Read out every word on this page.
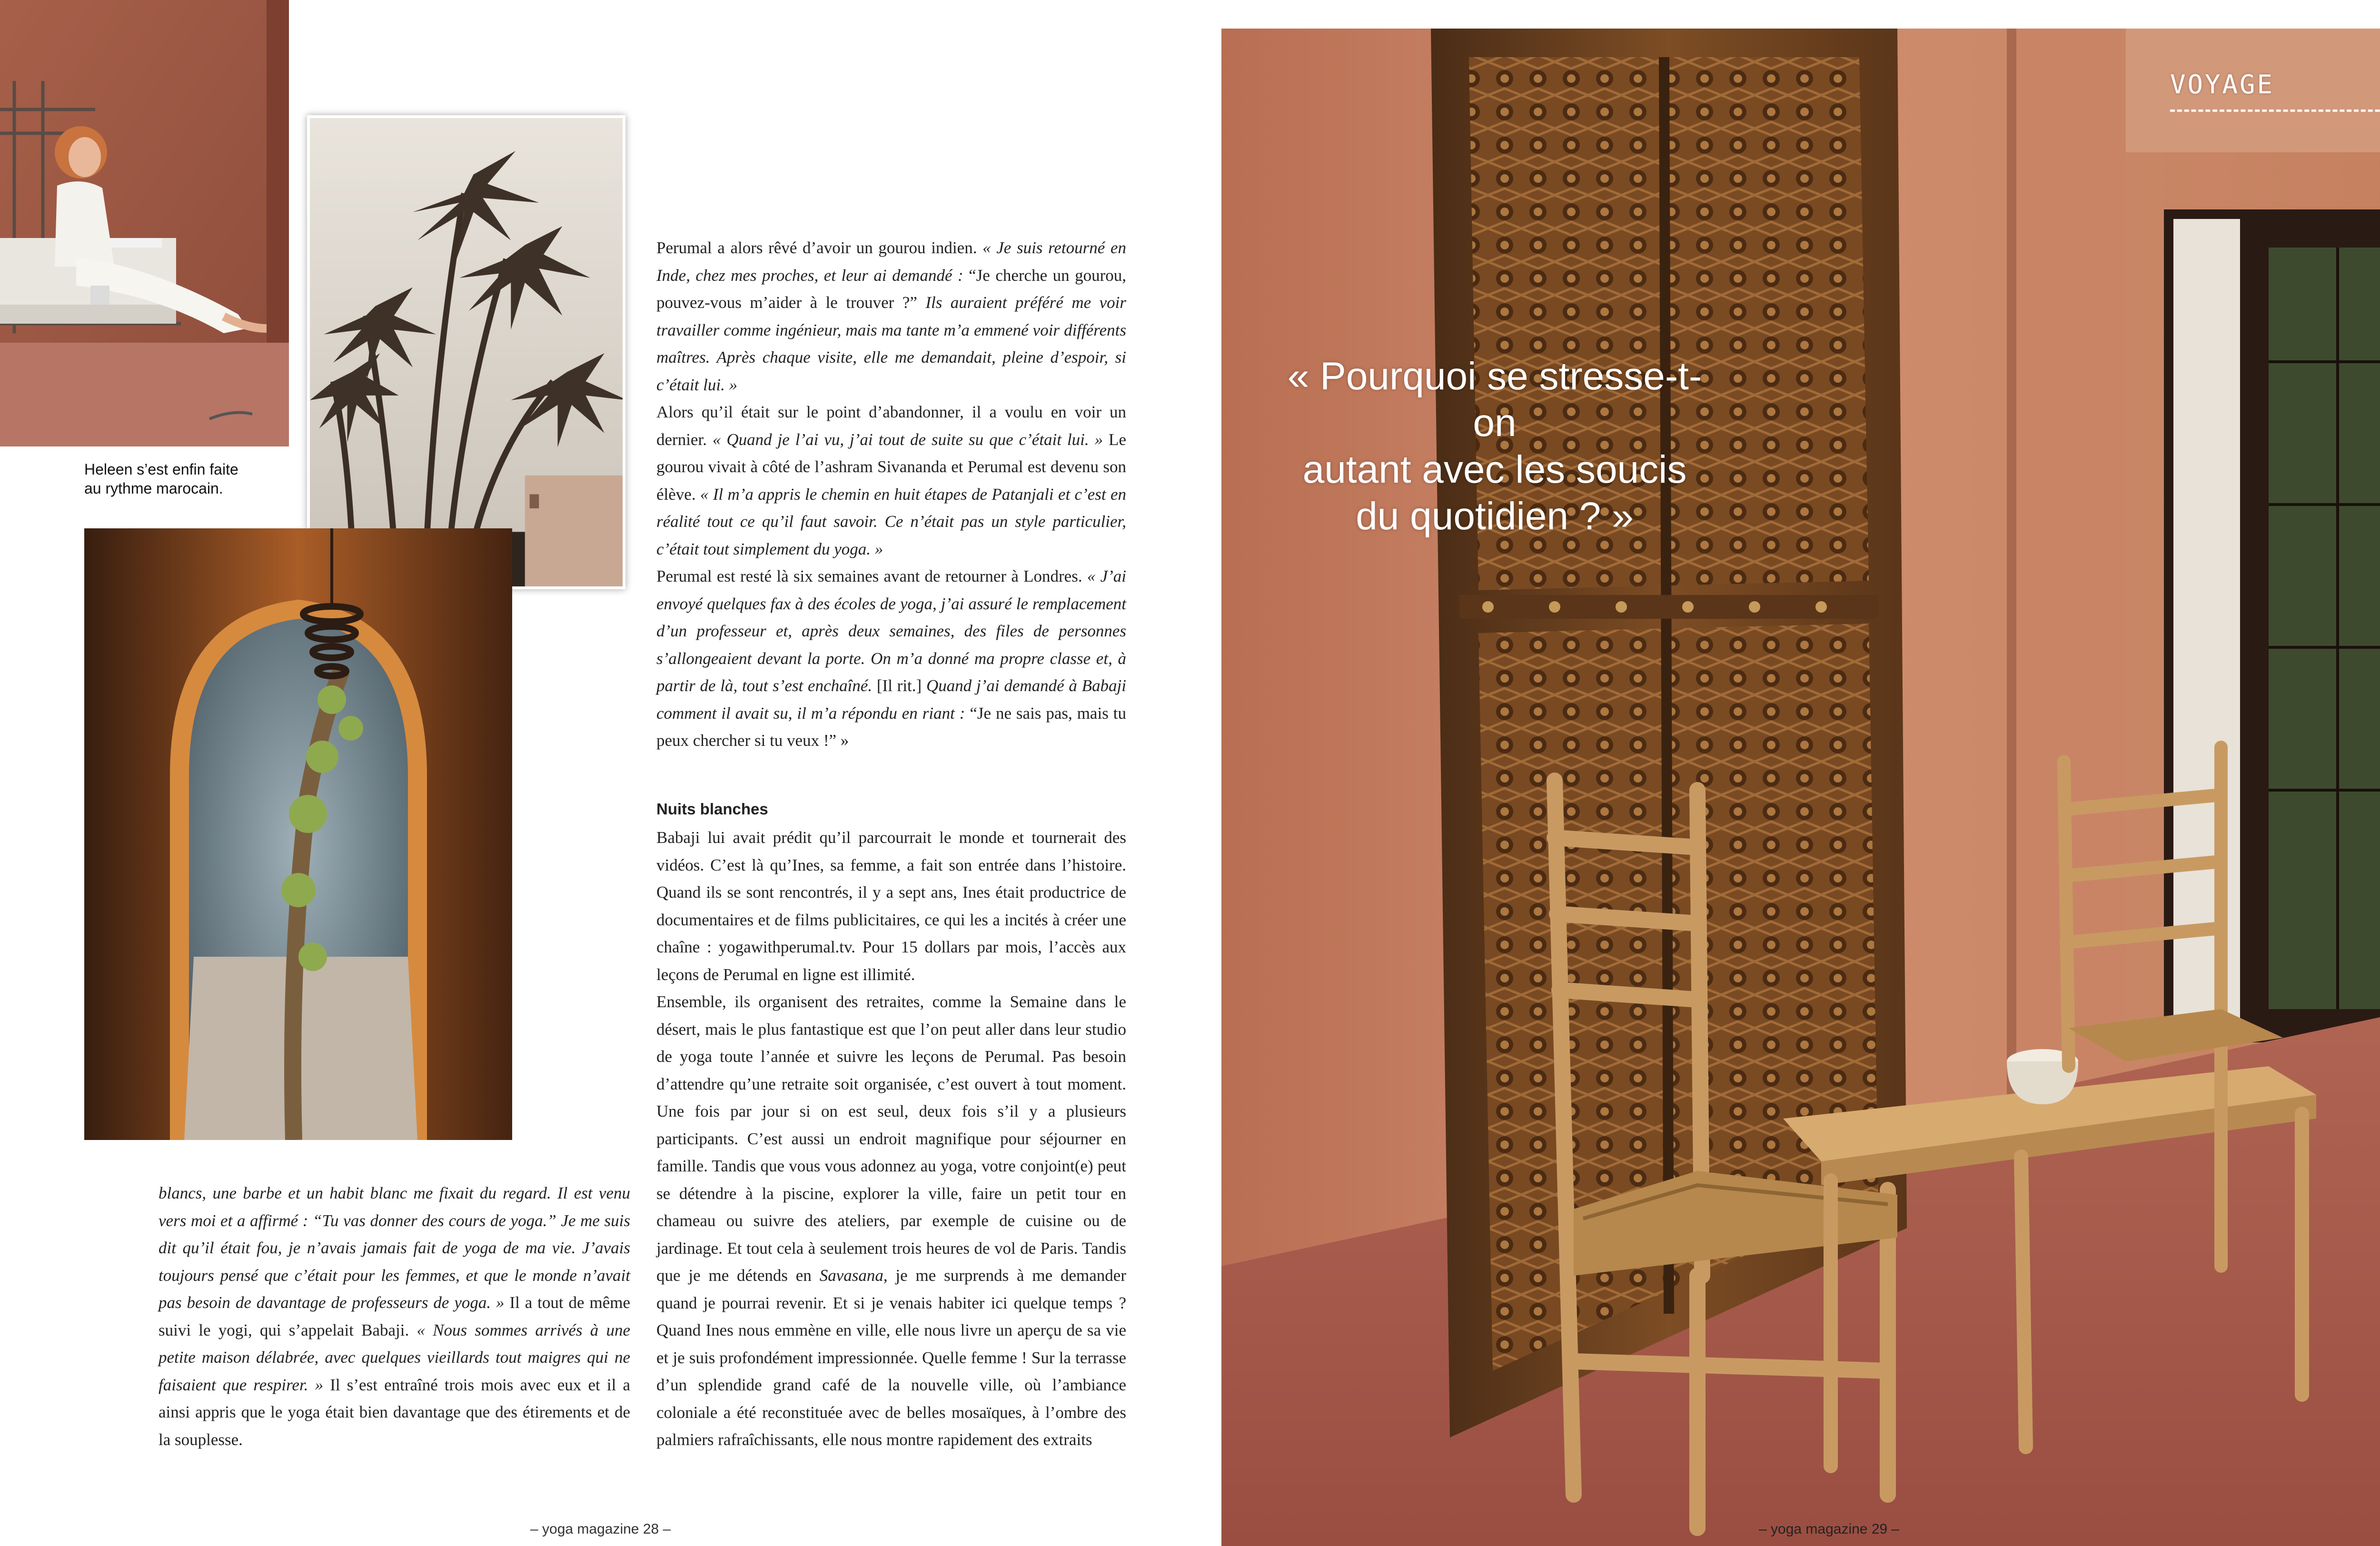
Heleen s’est enfin faite au rythme marocain.

blancs, une barbe et un habit blanc me fixait du regard. Il est venu vers moi et a affirmé : “Tu vas donner des cours de yoga.” Je me suis dit qu’il était fou, je n’avais jamais fait de yoga de ma vie. J’avais toujours pensé que c’était pour les femmes, et que le monde n’avait pas besoin de davantage de professeurs de yoga. » Il a tout de même suivi le yogi, qui s’appelait Babaji. « Nous sommes arrivés à une petite maison délabrée, avec quelques vieillards tout maigres qui ne faisaient que respirer. » Il s’est entraîné trois mois avec eux et il a ainsi appris que le yoga était bien davantage que des étirements et de la souplesse.

Perumal a alors rêvé d’avoir un gourou indien. « Je suis retourné en Inde, chez mes proches, et leur ai demandé : “Je cherche un gourou, pouvez-vous m’aider à le trouver ?” Ils auraient préféré me voir travailler comme ingénieur, mais ma tante m’a emmené voir différents maîtres. Après chaque visite, elle me demandait, pleine d’espoir, si c’était lui. »

Alors qu’il était sur le point d’abandonner, il a voulu en voir un dernier. « Quand je l’ai vu, j’ai tout de suite su que c’était lui. » Le gourou vivait à côté de l’ashram Sivananda et Perumal est devenu son élève. « Il m’a appris le chemin en huit étapes de Patanjali et c’est en réalité tout ce qu’il faut savoir. Ce n’était pas un style particulier, c’était tout simplement du yoga. »

Perumal est resté là six semaines avant de retourner à Londres. « J’ai envoyé quelques fax à des écoles de yoga, j’ai assuré le remplacement d’un professeur et, après deux semaines, des files de personnes s’allongeaient devant la porte. On m’a donné ma propre classe et, à partir de là, tout s’est enchaîné. [Il rit.] Quand j’ai demandé à Babaji comment il avait su, il m’a répondu en riant : “Je ne sais pas, mais tu peux chercher si tu veux !” »

Nuits blanches

Babaji lui avait prédit qu’il parcourrait le monde et tournerait des vidéos. C’est là qu’Ines, sa femme, a fait son entrée dans l’histoire. Quand ils se sont rencontrés, il y a sept ans, Ines était productrice de documentaires et de films publicitaires, ce qui les a incités à créer une chaîne : yogawithperumal.tv. Pour 15 dollars par mois, l’accès aux leçons de Perumal en ligne est illimité.

Ensemble, ils organisent des retraites, comme la Semaine dans le désert, mais le plus fantastique est que l’on peut aller dans leur studio de yoga toute l’année et suivre les leçons de Perumal. Pas besoin d’attendre qu’une retraite soit organisée, c’est ouvert à tout moment. Une fois par jour si on est seul, deux fois s’il y a plusieurs participants. C’est aussi un endroit magnifique pour séjourner en famille. Tandis que vous vous adonnez au yoga, votre conjoint(e) peut se détendre à la piscine, explorer la ville, faire un petit tour en chameau ou suivre des ateliers, par exemple de cuisine ou de jardinage. Et tout cela à seulement trois heures de vol de Paris. Tandis que je me détends en Savasana, je me surprends à me demander quand je pourrai revenir. Et si je venais habiter ici quelque temps ? Quand Ines nous emmène en ville, elle nous livre un aperçu de sa vie et je suis profondément impressionnée. Quelle femme ! Sur la terrasse d’un splendide grand café de la nouvelle ville, où l’ambiance coloniale a été reconstituée avec de belles mosaïques, à l’ombre des palmiers rafraîchissants, elle nous montre rapidement des extraits

– yoga magazine 28 –
VOYAGE
« Pourquoi se stresse-t-on
autant avec les soucis
du quotidien ? »
– yoga magazine 29 –
